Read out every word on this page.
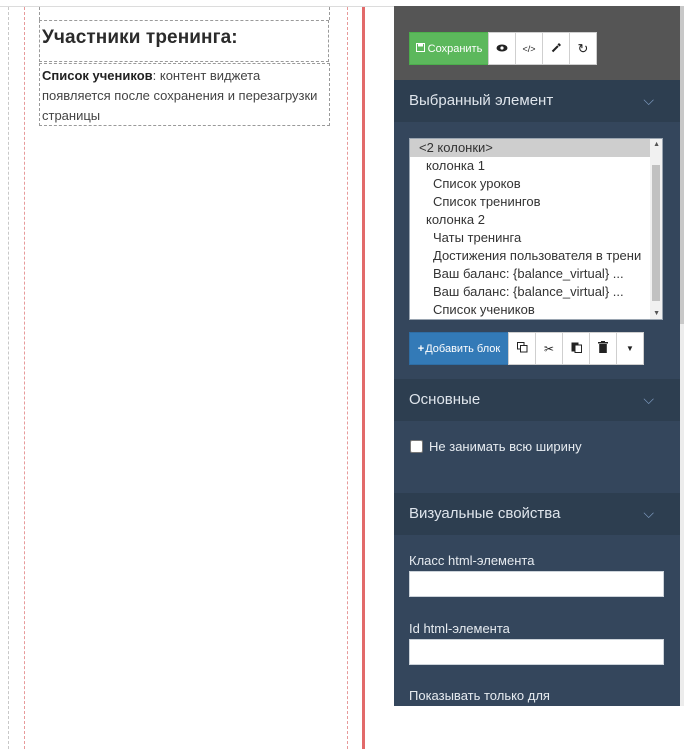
Участники тренинга:
Список учеников: контент виджета появляется после сохранения и перезагрузки страницы
Сохранить	</>	↻
Выбранный элемент	⌵
<2 колонки>
колонка 1
Список уроков
Список тренингов
колонка 2
Чаты тренинга
Достижения пользователя в трени
Ваш баланс: {balance_virtual} ...
Ваш баланс: {balance_virtual} ...
Список учеников
▲
▼
+ Добавить блок	✂	▼
Основные	⌵
Не занимать всю ширину
Визуальные свойства	⌵
Класс html-элемента
Id html-элемента
Показывать только для
